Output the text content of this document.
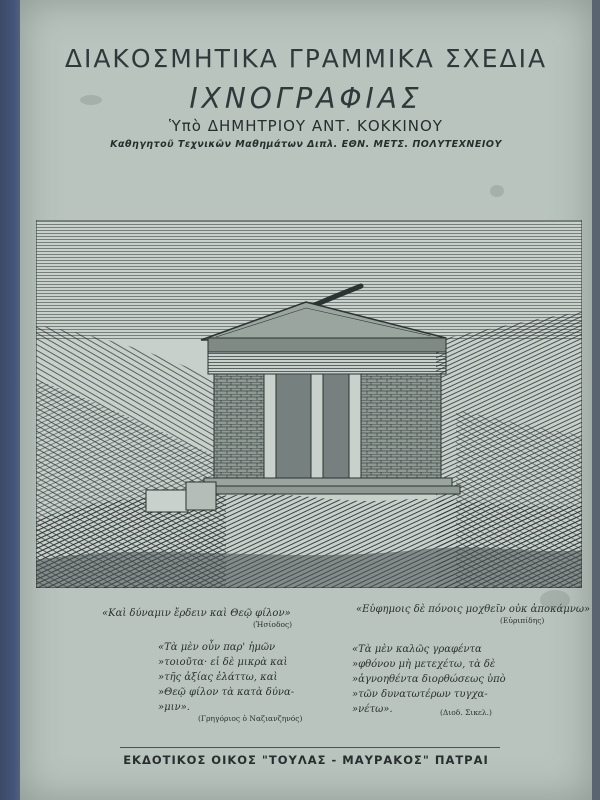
ΔΙΑΚΟΣΜΗΤΙΚΑ ΓΡΑΜΜΙΚΑ ΣΧΕΔΙΑ
ΙΧΝΟΓΡΑΦΙΑΣ
Ὑπὸ ΔΗΜΗΤΡΙΟΥ ΑΝΤ. ΚΟΚΚΙΝΟΥ
Καθηγητοῦ Τεχνικῶν Μαθημάτων Διπλ. ΕΘΝ. ΜΕΤΣ. ΠΟΛΥΤΕΧΝΕΙΟΥ
«Καὶ δύναμιν ἔρδειν καὶ Θεῷ φίλον»
(Ἡσίοδος)
«Εὐφημοις δὲ πόνοις μοχθεῖν οὐκ ἀποκάμνω»
(Εὐριπίδης)
«Τὰ μὲν οὖν παρ' ἡμῶν
»τοιοῦτα· εἰ δὲ μικρὰ καὶ
»τῆς ἀξίας ἐλάττω, καὶ
»Θεῷ φίλον τὰ κατὰ δύνα-
»μιν».
(Γρηγόριος ὁ Ναζιανζηνός)
«Τὰ μὲν καλῶς γραφέντα
»φθόνου μὴ μετεχέτω, τὰ δὲ
»ἀγνοηθέντα διορθώσεως ὑπὸ
»τῶν δυνατωτέρων τυγχα-
»νέτω».	(Διοδ. Σικελ.)
ΕΚΔΟΤΙΚΟΣ ΟΙΚΟΣ "ΤΟΥΛΑΣ - ΜΑΥΡΑΚΟΣ" ΠΑΤΡΑΙ
